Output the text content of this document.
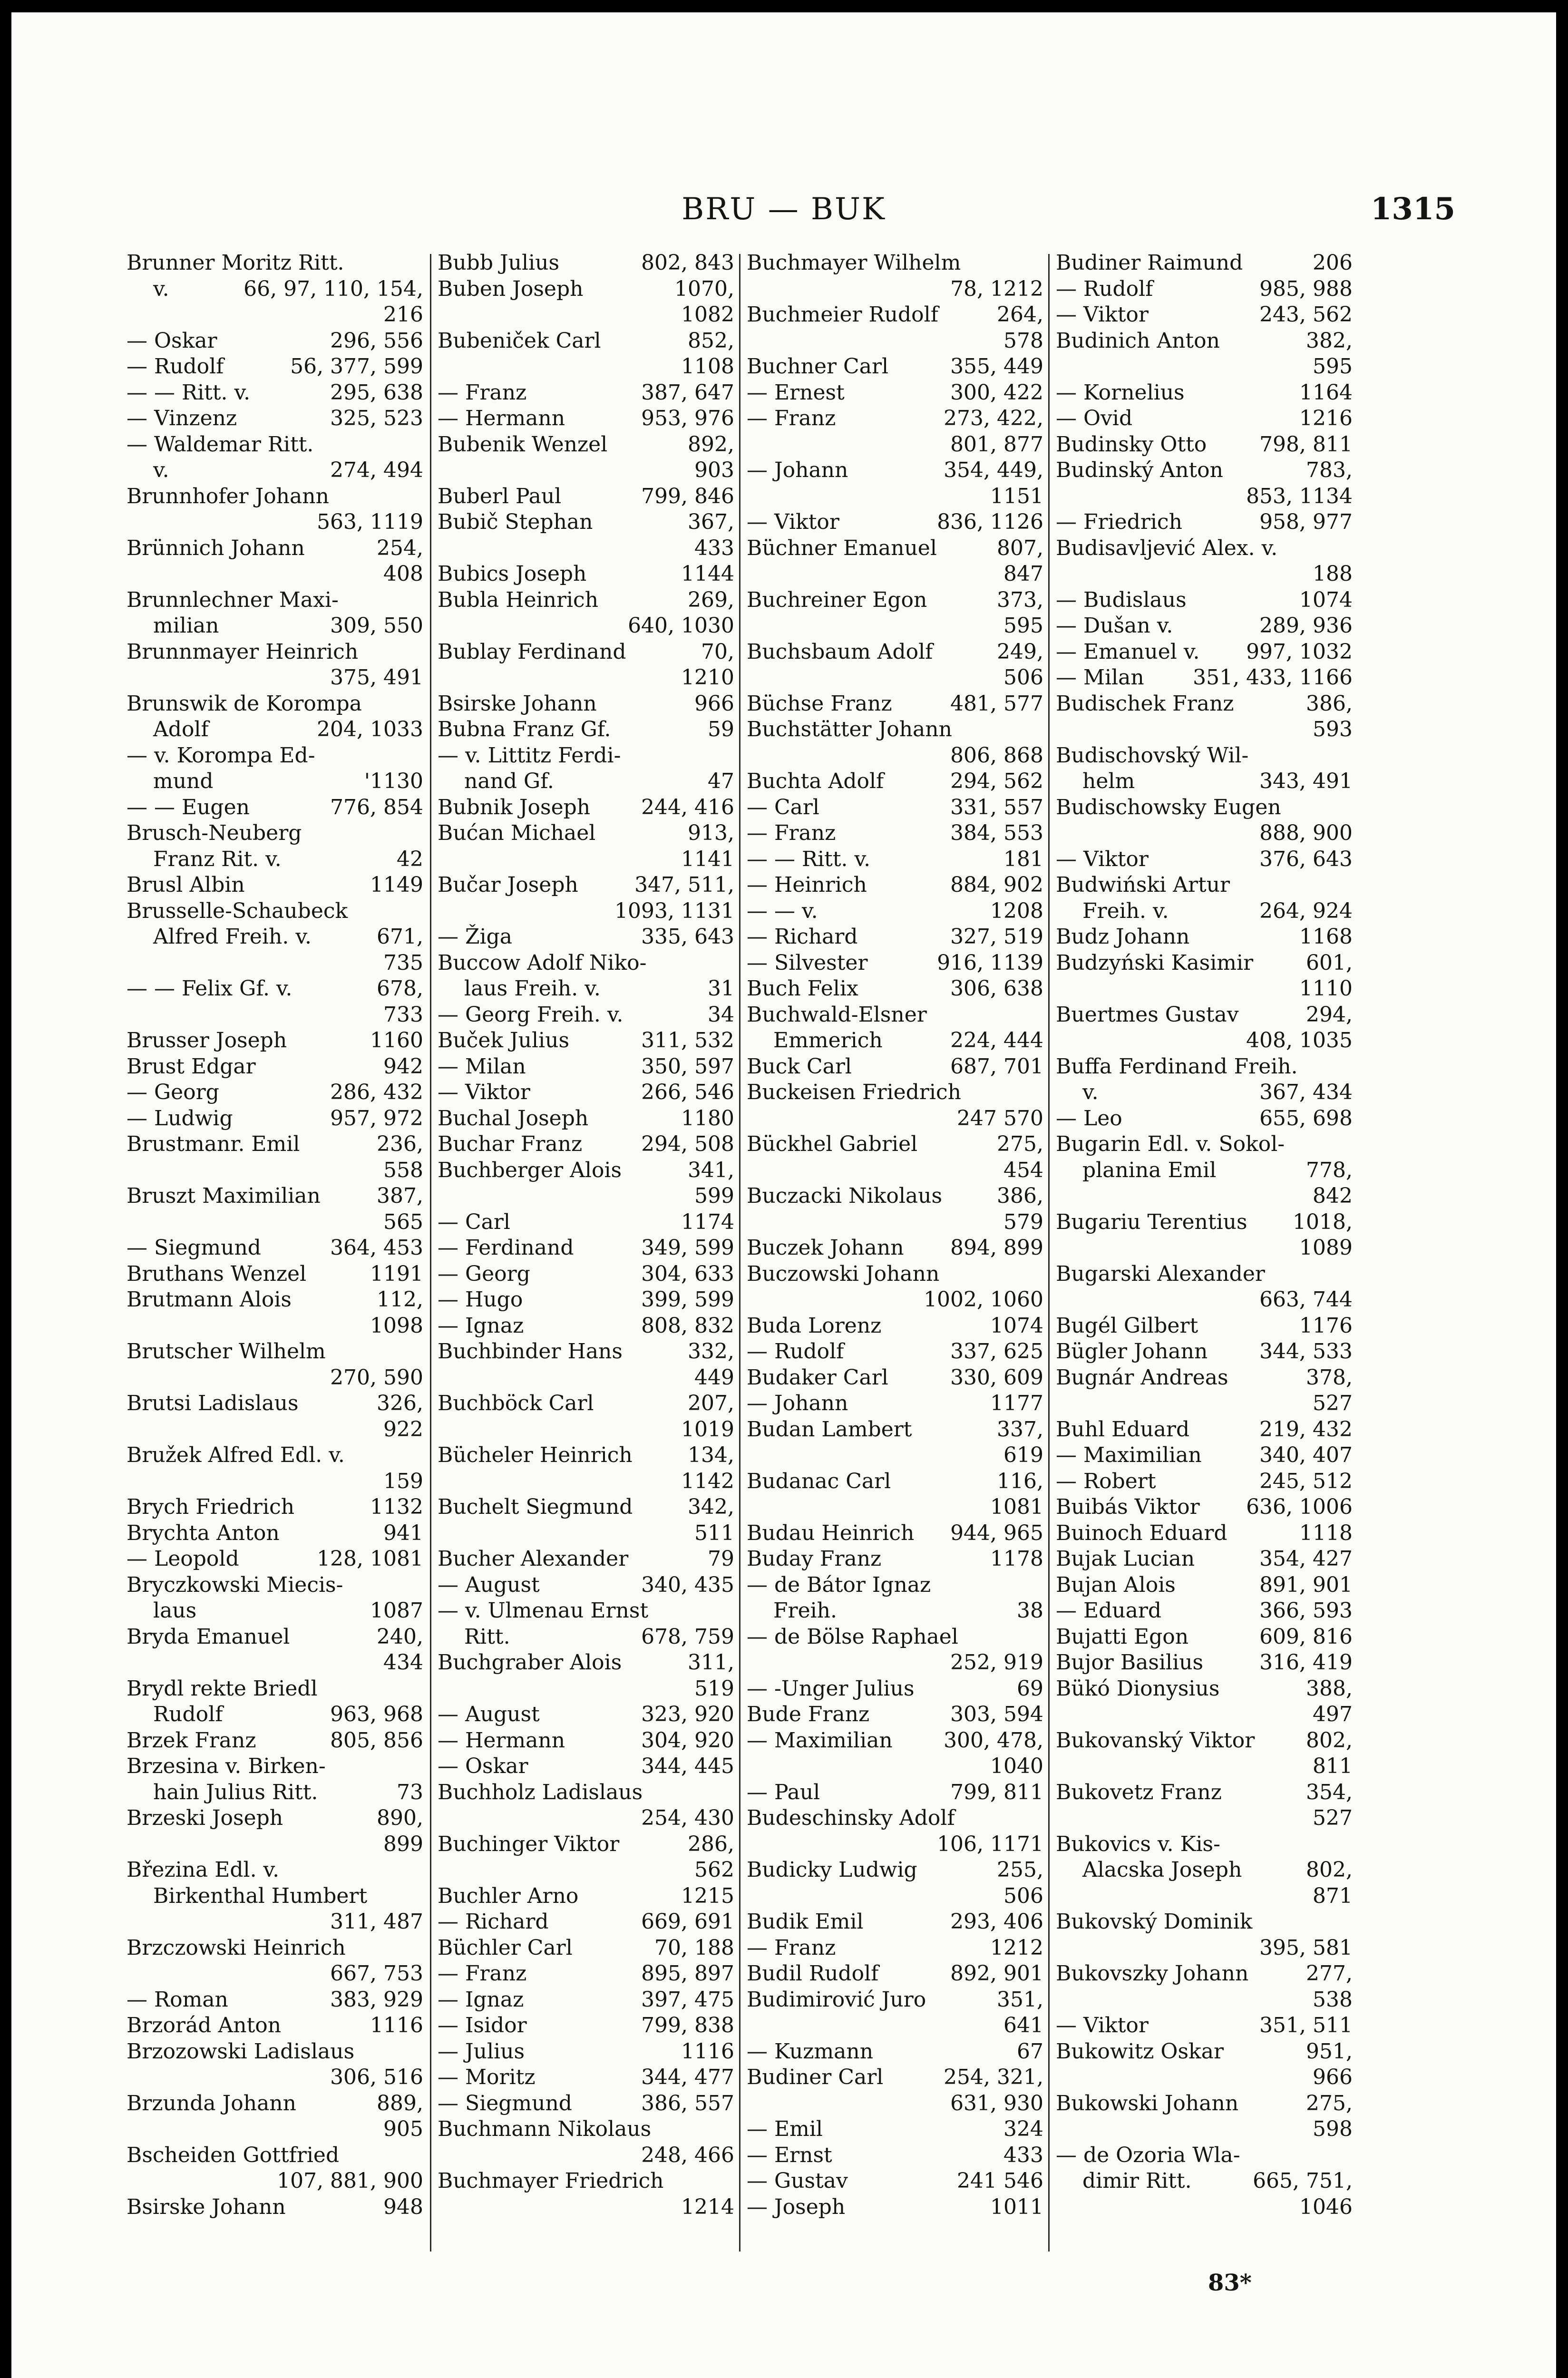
BRU — BUK	1315
Brunner Moritz Ritt.
v.	66, 97, 110, 154,
216
— Oskar	296, 556
— Rudolf	56, 377, 599
— — Ritt. v.	295, 638
— Vinzenz	325, 523
— Waldemar Ritt.
v.	274, 494
Brunnhofer Johann
563, 1119
Brünnich Johann	254,
408
Brunnlechner Maxi-
milian	309, 550
Brunnmayer Heinrich
375, 491
Brunswik de Korompa
Adolf	204, 1033
— v. Korompa Ed-
mund	'1130
— — Eugen	776, 854
Brusch-Neuberg
Franz Rit. v.	42
Brusl Albin	1149
Brusselle-Schaubeck
Alfred Freih. v.	671,
735
— — Felix Gf. v.	678,
733
Brusser Joseph	1160
Brust Edgar	942
— Georg	286, 432
— Ludwig	957, 972
Brustmanr. Emil	236,
558
Bruszt Maximilian	387,
565
— Siegmund	364, 453
Bruthans Wenzel	1191
Brutmann Alois	112,
1098
Brutscher Wilhelm
270, 590
Brutsi Ladislaus	326,
922
Bružek Alfred Edl. v.
159
Brych Friedrich	1132
Brychta Anton	941
— Leopold	128, 1081
Bryczkowski Miecis-
laus	1087
Bryda Emanuel	240,
434
Brydl rekte Briedl
Rudolf	963, 968
Brzek Franz	805, 856
Brzesina v. Birken-
hain Julius Ritt.	73
Brzeski Joseph	890,
899
Březina Edl. v.
Birkenthal Humbert
311, 487
Brzczowski Heinrich
667, 753
— Roman	383, 929
Brzorád Anton	1116
Brzozowski Ladislaus
306, 516
Brzunda Johann	889,
905
Bscheiden Gottfried
107, 881, 900
Bsirske Johann	948
Bubb Julius	802, 843
Buben Joseph	1070,
1082
Bubeniček Carl	852,
1108
— Franz	387, 647
— Hermann	953, 976
Bubenik Wenzel	892,
903
Buberl Paul	799, 846
Bubič Stephan	367,
433
Bubics Joseph	1144
Bubla Heinrich	269,
640, 1030
Bublay Ferdinand	70,
1210
Bsirske Johann	966
Bubna Franz Gf.	59
— v. Littitz Ferdi-
nand Gf.	47
Bubnik Joseph	244, 416
Bućan Michael	913,
1141
Bučar Joseph	347, 511,
1093, 1131
— Žiga	335, 643
Buccow Adolf Niko-
laus Freih. v.	31
— Georg Freih. v.	34
Buček Julius	311, 532
— Milan	350, 597
— Viktor	266, 546
Buchal Joseph	1180
Buchar Franz	294, 508
Buchberger Alois	341,
599
— Carl	1174
— Ferdinand	349, 599
— Georg	304, 633
— Hugo	399, 599
— Ignaz	808, 832
Buchbinder Hans	332,
449
Buchböck Carl	207,
1019
Bücheler Heinrich	134,
1142
Buchelt Siegmund	342,
511
Bucher Alexander	79
— August	340, 435
— v. Ulmenau Ernst
Ritt.	678, 759
Buchgraber Alois	311,
519
— August	323, 920
— Hermann	304, 920
— Oskar	344, 445
Buchholz Ladislaus
254, 430
Buchinger Viktor	286,
562
Buchler Arno	1215
— Richard	669, 691
Büchler Carl	70, 188
— Franz	895, 897
— Ignaz	397, 475
— Isidor	799, 838
— Julius	1116
— Moritz	344, 477
— Siegmund	386, 557
Buchmann Nikolaus
248, 466
Buchmayer Friedrich
1214
Buchmayer Wilhelm
78, 1212
Buchmeier Rudolf	264,
578
Buchner Carl	355, 449
— Ernest	300, 422
— Franz	273, 422,
801, 877
— Johann	354, 449,
1151
— Viktor	836, 1126
Büchner Emanuel	807,
847
Buchreiner Egon	373,
595
Buchsbaum Adolf	249,
506
Büchse Franz	481, 577
Buchstätter Johann
806, 868
Buchta Adolf	294, 562
— Carl	331, 557
— Franz	384, 553
— — Ritt. v.	181
— Heinrich	884, 902
— — v.	1208
— Richard	327, 519
— Silvester	916, 1139
Buch Felix	306, 638
Buchwald-Elsner
Emmerich	224, 444
Buck Carl	687, 701
Buckeisen Friedrich
247 570
Bückhel Gabriel	275,
454
Buczacki Nikolaus	386,
579
Buczek Johann	894, 899
Buczowski Johann
1002, 1060
Buda Lorenz	1074
— Rudolf	337, 625
Budaker Carl	330, 609
— Johann	1177
Budan Lambert	337,
619
Budanac Carl	116,
1081
Budau Heinrich	944, 965
Buday Franz	1178
— de Bátor Ignaz
Freih.	38
— de Bölse Raphael
252, 919
— -Unger Julius	69
Bude Franz	303, 594
— Maximilian	300, 478,
1040
— Paul	799, 811
Budeschinsky Adolf
106, 1171
Budicky Ludwig	255,
506
Budik Emil	293, 406
— Franz	1212
Budil Rudolf	892, 901
Budimirović Juro	351,
641
— Kuzmann	67
Budiner Carl	254, 321,
631, 930
— Emil	324
— Ernst	433
— Gustav	241 546
— Joseph	1011
Budiner Raimund	206
— Rudolf	985, 988
— Viktor	243, 562
Budinich Anton	382,
595
— Kornelius	1164
— Ovid	1216
Budinsky Otto	798, 811
Budinský Anton	783,
853, 1134
— Friedrich	958, 977
Budisavljević Alex. v.
188
— Budislaus	1074
— Dušan v.	289, 936
— Emanuel v.	997, 1032
— Milan	351, 433, 1166
Budischek Franz	386,
593
Budischovský Wil-
helm	343, 491
Budischowsky Eugen
888, 900
— Viktor	376, 643
Budwiński Artur
Freih. v.	264, 924
Budz Johann	1168
Budzyński Kasimir	601,
1110
Buertmes Gustav	294,
408, 1035
Buffa Ferdinand Freih.
v.	367, 434
— Leo	655, 698
Bugarin Edl. v. Sokol-
planina Emil	778,
842
Bugariu Terentius	1018,
1089
Bugarski Alexander
663, 744
Bugél Gilbert	1176
Bügler Johann	344, 533
Bugnár Andreas	378,
527
Buhl Eduard	219, 432
— Maximilian	340, 407
— Robert	245, 512
Buibás Viktor	636, 1006
Buinoch Eduard	1118
Bujak Lucian	354, 427
Bujan Alois	891, 901
— Eduard	366, 593
Bujatti Egon	609, 816
Bujor Basilius	316, 419
Bükó Dionysius	388,
497
Bukovanský Viktor	802,
811
Bukovetz Franz	354,
527
Bukovics v. Kis-
Alacska Joseph	802,
871
Bukovský Dominik
395, 581
Bukovszky Johann	277,
538
— Viktor	351, 511
Bukowitz Oskar	951,
966
Bukowski Johann	275,
598
— de Ozoria Wla-
dimir Ritt.	665, 751,
1046
83*
